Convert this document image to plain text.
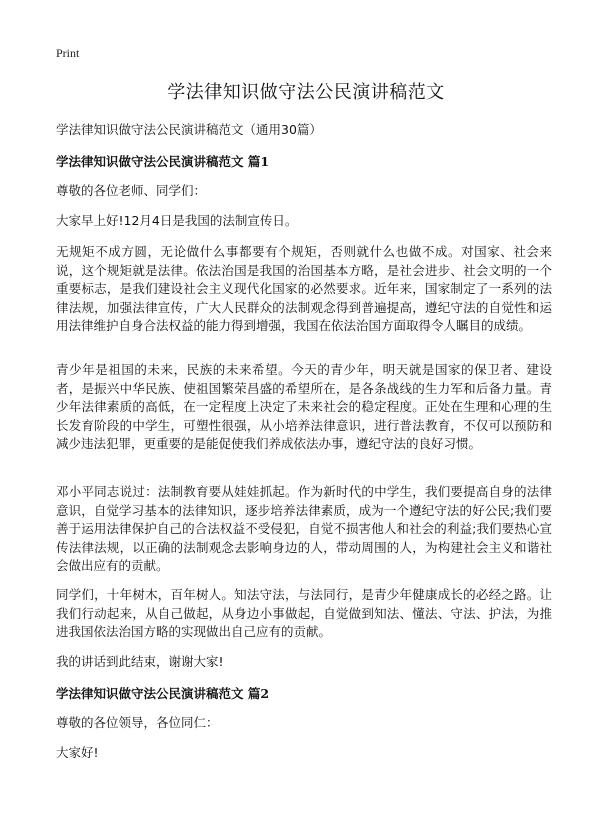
Print
学法律知识做守法公民演讲稿范文

学法律知识做守法公民演讲稿范文（通用30篇）

学法律知识做守法公民演讲稿范文 篇1

尊敬的各位老师、同学们：

大家早上好!12月4日是我国的法制宣传日。

无规矩不成方圆，无论做什么事都要有个规矩，否则就什么也做不成。对国家、社会来说，这个规矩就是法律。依法治国是我国的治国基本方略，是社会进步、社会文明的一个重要标志，是我们建设社会主义现代化国家的必然要求。近年来，国家制定了一系列的法律法规，加强法律宣传，广大人民群众的法制观念得到普遍提高，遵纪守法的自觉性和运用法律维护自身合法权益的能力得到增强，我国在依法治国方面取得令人瞩目的成绩。

青少年是祖国的未来，民族的未来希望。今天的青少年，明天就是国家的保卫者、建设者，是振兴中华民族、使祖国繁荣昌盛的希望所在，是各条战线的生力军和后备力量。青少年法律素质的高低，在一定程度上决定了未来社会的稳定程度。正处在生理和心理的生长发育阶段的中学生，可塑性很强，从小培养法律意识，进行普法教育，不仅可以预防和减少违法犯罪，更重要的是能促使我们养成依法办事，遵纪守法的良好习惯。

邓小平同志说过：法制教育要从娃娃抓起。作为新时代的中学生，我们要提高自身的法律意识，自觉学习基本的法律知识，逐步培养法律素质，成为一个遵纪守法的好公民;我们要善于运用法律保护自己的合法权益不受侵犯，自觉不损害他人和社会的利益;我们要热心宣传法律法规，以正确的法制观念去影响身边的人，带动周围的人，为构建社会主义和谐社会做出应有的贡献。

同学们，十年树木，百年树人。知法守法，与法同行，是青少年健康成长的必经之路。让我们行动起来，从自己做起，从身边小事做起，自觉做到知法、懂法、守法、护法，为推进我国依法治国方略的实现做出自己应有的贡献。

我的讲话到此结束，谢谢大家!

学法律知识做守法公民演讲稿范文 篇2

尊敬的各位领导，各位同仁：

大家好!
